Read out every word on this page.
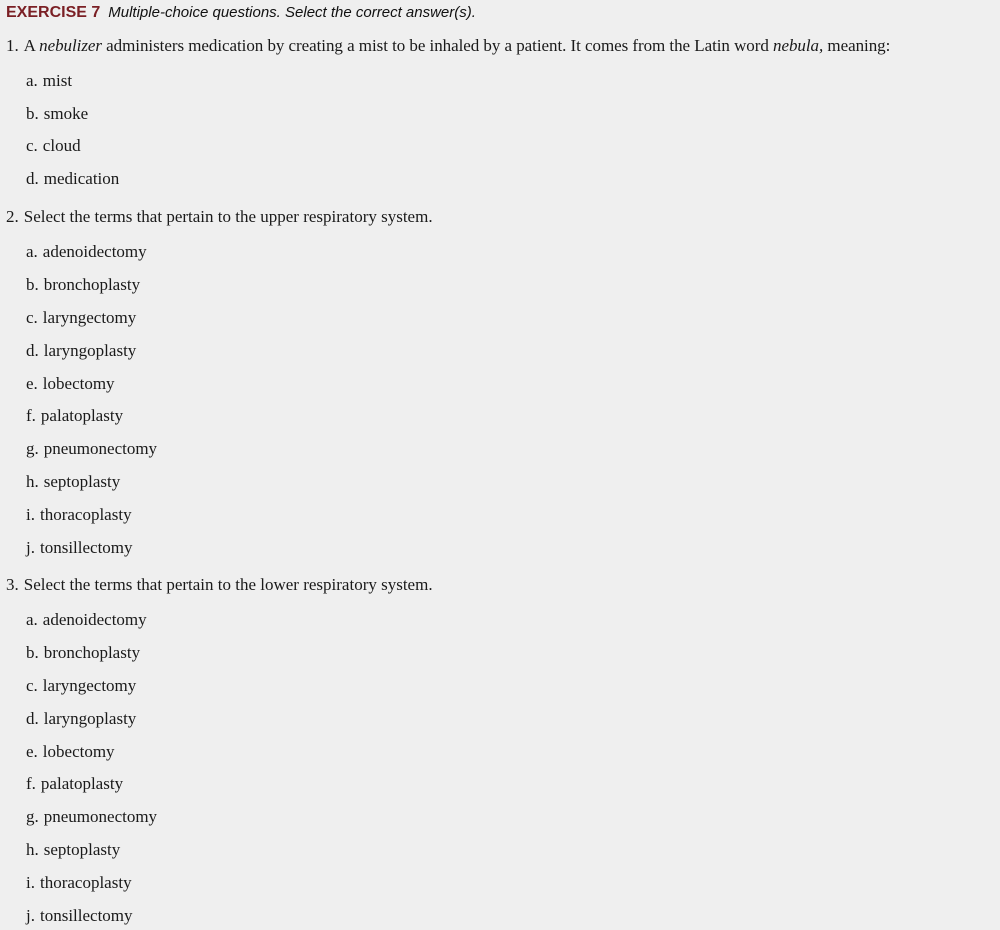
EXERCISE 7 Multiple-choice questions. Select the correct answer(s).
1. A nebulizer administers medication by creating a mist to be inhaled by a patient. It comes from the Latin word nebula, meaning:
a. mist
b. smoke
c. cloud
d. medication
2. Select the terms that pertain to the upper respiratory system.
a. adenoidectomy
b. bronchoplasty
c. laryngectomy
d. laryngoplasty
e. lobectomy
f. palatoplasty
g. pneumonectomy
h. septoplasty
i. thoracoplasty
j. tonsillectomy
3. Select the terms that pertain to the lower respiratory system.
a. adenoidectomy
b. bronchoplasty
c. laryngectomy
d. laryngoplasty
e. lobectomy
f. palatoplasty
g. pneumonectomy
h. septoplasty
i. thoracoplasty
j. tonsillectomy
